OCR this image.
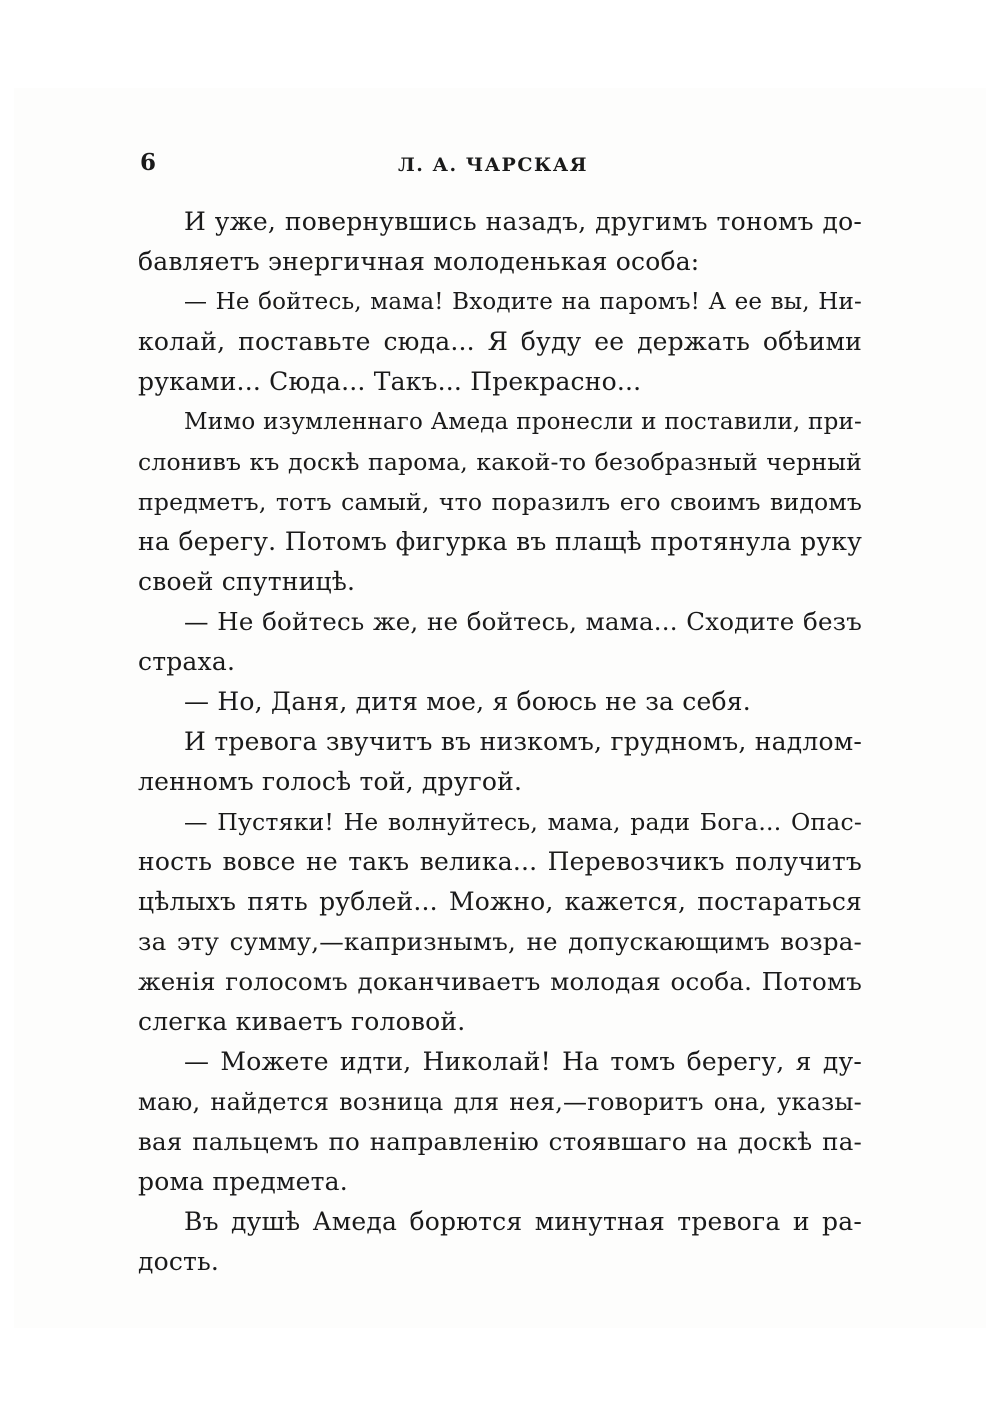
6	Л. А. ЧАРСКАЯ
И уже, повернувшись назадъ, другимъ тономъ до-
бавляетъ энергичная молоденькая особа:
— Не бойтесь, мама! Входите на паромъ! А ее вы, Ни-
колай, поставьте сюда... Я буду ее держать обѣими
руками... Сюда... Такъ... Прекрасно...
Мимо изумленнаго Амеда пронесли и поставили, при-
слонивъ къ доскѣ парома, какой-то безобразный черный
предметъ, тотъ самый, что поразилъ его своимъ видомъ
на берегу. Потомъ фигурка въ плащѣ протянула руку
своей спутницѣ.
— Не бойтесь же, не бойтесь, мама... Сходите безъ
страха.
— Но, Даня, дитя мое, я боюсь не за себя.
И тревога звучитъ въ низкомъ, грудномъ, надлом-
ленномъ голосѣ той, другой.
— Пустяки! Не волнуйтесь, мама, ради Бога... Опас-
ность вовсе не такъ велика... Перевозчикъ получитъ
цѣлыхъ пять рублей... Можно, кажется, постараться
за эту сумму,—капризнымъ, не допускающимъ возра-
женія голосомъ доканчиваетъ молодая особа. Потомъ
слегка киваетъ головой.
— Можете идти, Николай! На томъ берегу, я ду-
маю, найдется возница для нея,—говоритъ она, указы-
вая пальцемъ по направленію стоявшаго на доскѣ па-
рома предмета.
Въ душѣ Амеда борются минутная тревога и ра-
дость.
